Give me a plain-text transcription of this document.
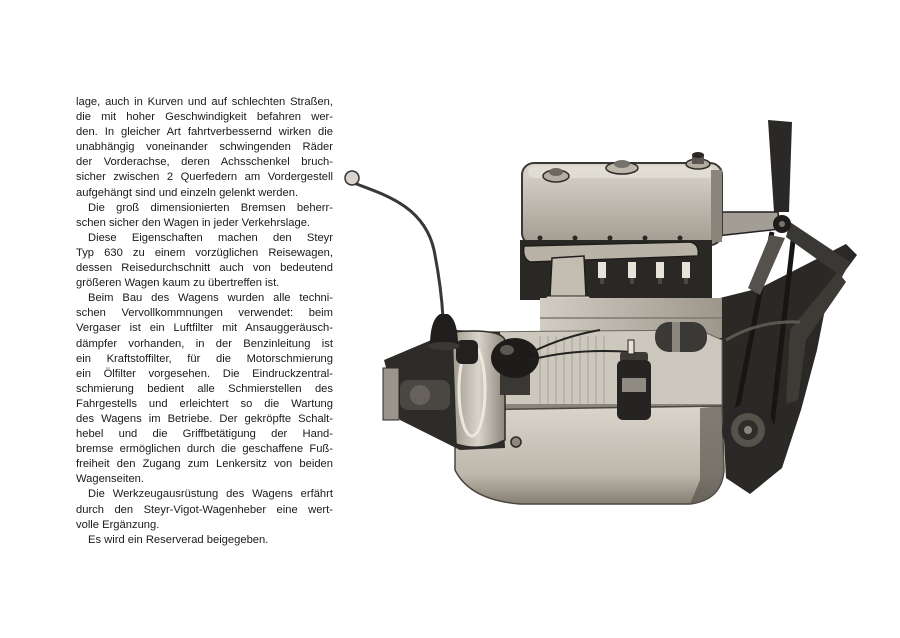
lage, auch in Kurven und auf schlechten Straßen,
die mit hoher Geschwindigkeit befahren wer-
den. In gleicher Art fahrtverbessernd wirken die
unabhängig voneinander schwingenden Räder
der Vorderachse, deren Achsschenkel bruch-
sicher zwischen 2 Querfedern am Vordergestell
aufgehängt sind und einzeln gelenkt werden.
Die groß dimensionierten Bremsen beherr-
schen sicher den Wagen in jeder Verkehrslage.
Diese Eigenschaften machen den Steyr
Typ 630 zu einem vorzüglichen Reisewagen,
dessen Reisedurchschnitt auch von bedeutend
größeren Wagen kaum zu übertreffen ist.
Beim Bau des Wagens wurden alle techni-
schen Vervollkommnungen verwendet: beim
Vergaser ist ein Luftfilter mit Ansauggeräusch-
dämpfer vorhanden, in der Benzinleitung ist
ein Kraftstoffilter, für die Motorschmierung
ein Ölfilter vorgesehen. Die Eindruckzentral-
schmierung bedient alle Schmierstellen des
Fahrgestells und erleichtert so die Wartung
des Wagens im Betriebe. Der gekröpfte Schalt-
hebel und die Griffbetätigung der Hand-
bremse ermöglichen durch die geschaffene Fuß-
freiheit den Zugang zum Lenkersitz von beiden
Wagenseiten.
Die Werkzeugausrüstung des Wagens erfährt
durch den Steyr-Vigot-Wagenheber eine wert-
volle Ergänzung.
Es wird ein Reserverad beigegeben.
